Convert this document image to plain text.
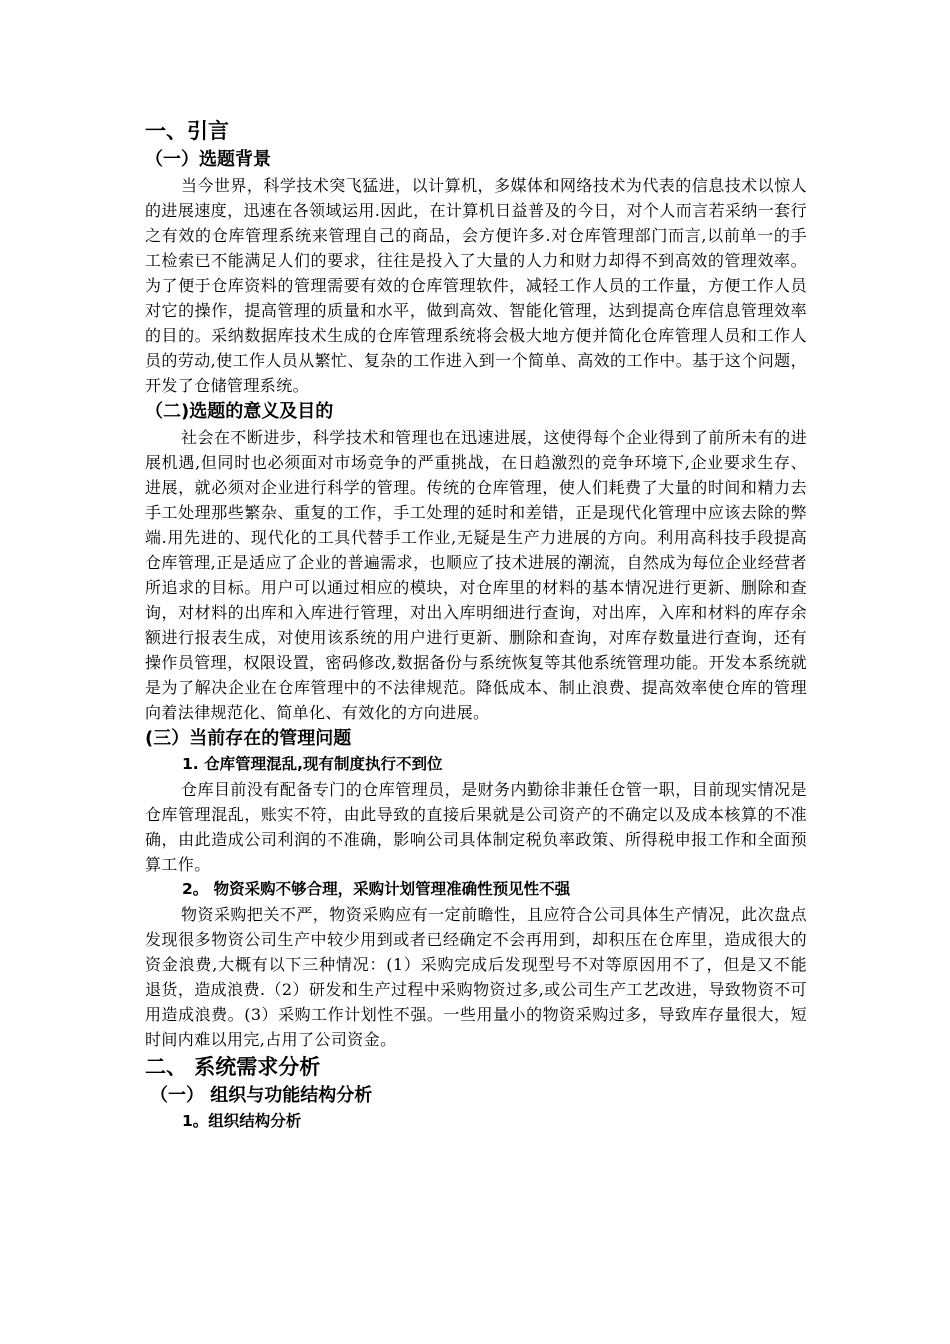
一、引言
（一）选题背景

当今世界，科学技术突飞猛进，以计算机，多媒体和网络技术为代表的信息技术以惊人的进展速度，迅速在各领域运用.因此，在计算机日益普及的今日，对个人而言若采纳一套行之有效的仓库管理系统来管理自己的商品，会方便许多.对仓库管理部门而言,以前单一的手工检索已不能满足人们的要求，往往是投入了大量的人力和财力却得不到高效的管理效率。为了便于仓库资料的管理需要有效的仓库管理软件，减轻工作人员的工作量，方便工作人员对它的操作，提高管理的质量和水平，做到高效、智能化管理，达到提高仓库信息管理效率的目的。采纳数据库技术生成的仓库管理系统将会极大地方便并简化仓库管理人员和工作人员的劳动,使工作人员从繁忙、复杂的工作进入到一个简单、高效的工作中。基于这个问题，开发了仓储管理系统。

（二)选题的意义及目的

社会在不断进步，科学技术和管理也在迅速进展，这使得每个企业得到了前所未有的进展机遇,但同时也必须面对市场竞争的严重挑战，在日趋激烈的竞争环境下,企业要求生存、进展，就必须对企业进行科学的管理。传统的仓库管理，使人们耗费了大量的时间和精力去手工处理那些繁杂、重复的工作，手工处理的延时和差错，正是现代化管理中应该去除的弊端.用先进的、现代化的工具代替手工作业,无疑是生产力进展的方向。利用高科技手段提高仓库管理,正是适应了企业的普遍需求，也顺应了技术进展的潮流，自然成为每位企业经营者所追求的目标。用户可以通过相应的模块，对仓库里的材料的基本情况进行更新、删除和查询，对材料的出库和入库进行管理，对出入库明细进行查询，对出库，入库和材料的库存余额进行报表生成，对使用该系统的用户进行更新、删除和查询，对库存数量进行查询，还有操作员管理，权限设置，密码修改,数据备份与系统恢复等其他系统管理功能。开发本系统就是为了解决企业在仓库管理中的不法律规范。降低成本、制止浪费、提高效率使仓库的管理向着法律规范化、简单化、有效化的方向进展。

(三）当前存在的管理问题
1. 仓库管理混乱,现有制度执行不到位

仓库目前没有配备专门的仓库管理员，是财务内勤徐非兼任仓管一职，目前现实情况是仓库管理混乱，账实不符，由此导致的直接后果就是公司资产的不确定以及成本核算的不准确，由此造成公司利润的不准确，影响公司具体制定税负率政策、所得税申报工作和全面预算工作。

2。 物资采购不够合理，采购计划管理准确性预见性不强

物资采购把关不严，物资采购应有一定前瞻性，且应符合公司具体生产情况，此次盘点发现很多物资公司生产中较少用到或者已经确定不会再用到，却积压在仓库里，造成很大的资金浪费,大概有以下三种情况：(1）采购完成后发现型号不对等原因用不了，但是又不能退货，造成浪费.（2）研发和生产过程中采购物资过多,或公司生产工艺改进，导致物资不可用造成浪费。(3）采购工作计划性不强。一些用量小的物资采购过多，导致库存量很大，短时间内难以用完,占用了公司资金。

二、 系统需求分析
（一） 组织与功能结构分析
1。组织结构分析
